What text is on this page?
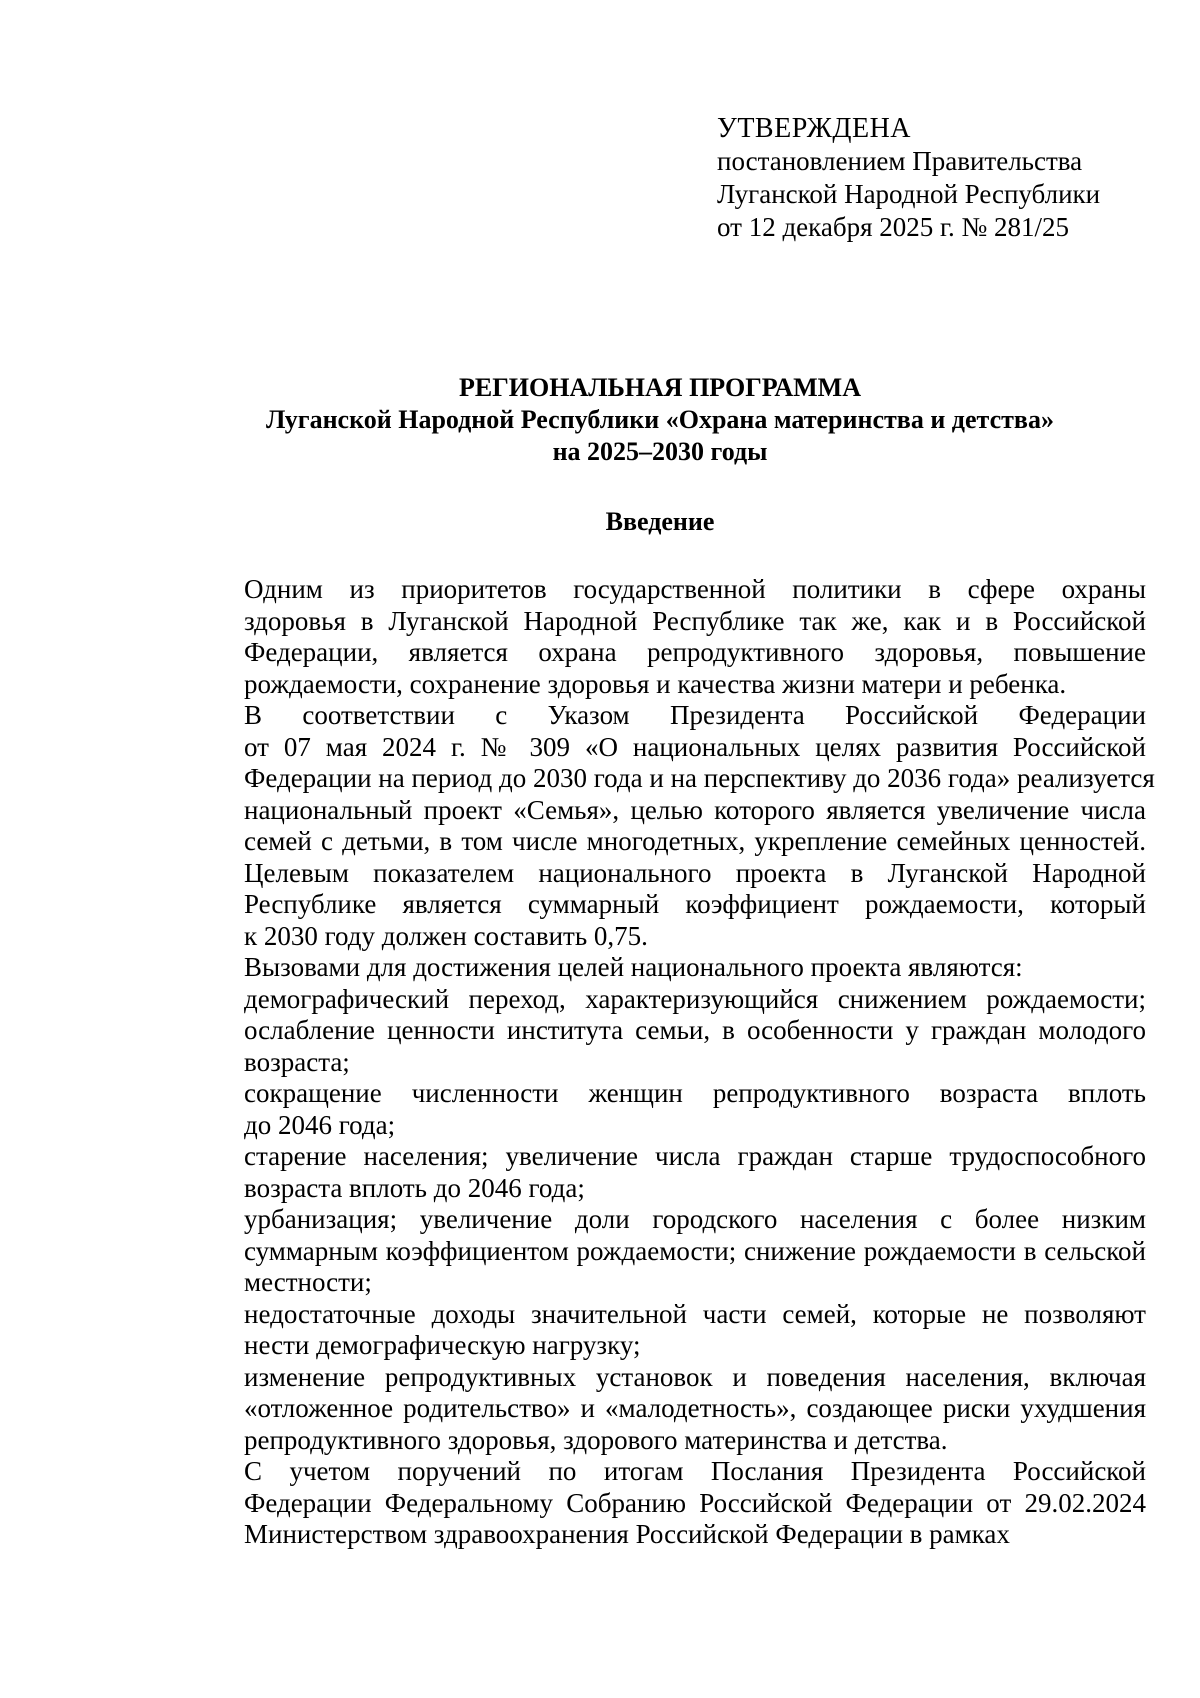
УТВЕРЖДЕНА
постановлением Правительства
Луганской Народной Республики
от 12 декабря 2025 г. № 281/25
РЕГИОНАЛЬНАЯ ПРОГРАММА
Луганской Народной Республики «Охрана материнства и детства»
на 2025–2030 годы
Введение
Одним из приоритетов государственной политики в сфере охраны
здоровья в Луганской Народной Республике так же, как и в Российской
Федерации, является охрана репродуктивного здоровья, повышение
рождаемости, сохранение здоровья и качества жизни матери и ребенка.
В соответствии с Указом Президента Российской Федерации
от 07 мая 2024 г. № 309 «О национальных целях развития Российской
Федерации на период до 2030 года и на перспективу до 2036 года» реализуется
национальный проект «Семья», целью которого является увеличение числа
семей с детьми, в том числе многодетных, укрепление семейных ценностей.
Целевым показателем национального проекта в Луганской Народной
Республике является суммарный коэффициент рождаемости, который
к 2030 году должен составить 0,75.
Вызовами для достижения целей национального проекта являются:
демографический переход, характеризующийся снижением рождаемости;
ослабление ценности института семьи, в особенности у граждан молодого
возраста;
сокращение численности женщин репродуктивного возраста вплоть
до 2046 года;
старение населения; увеличение числа граждан старше трудоспособного
возраста вплоть до 2046 года;
урбанизация; увеличение доли городского населения с более низким
суммарным коэффициентом рождаемости; снижение рождаемости в сельской
местности;
недостаточные доходы значительной части семей, которые не позволяют
нести демографическую нагрузку;
изменение репродуктивных установок и поведения населения, включая
«отложенное родительство» и «малодетность», создающее риски ухудшения
репродуктивного здоровья, здорового материнства и детства.
С учетом поручений по итогам Послания Президента Российской
Федерации Федеральному Собранию Российской Федерации от 29.02.2024
Министерством здравоохранения Российской Федерации в рамках
